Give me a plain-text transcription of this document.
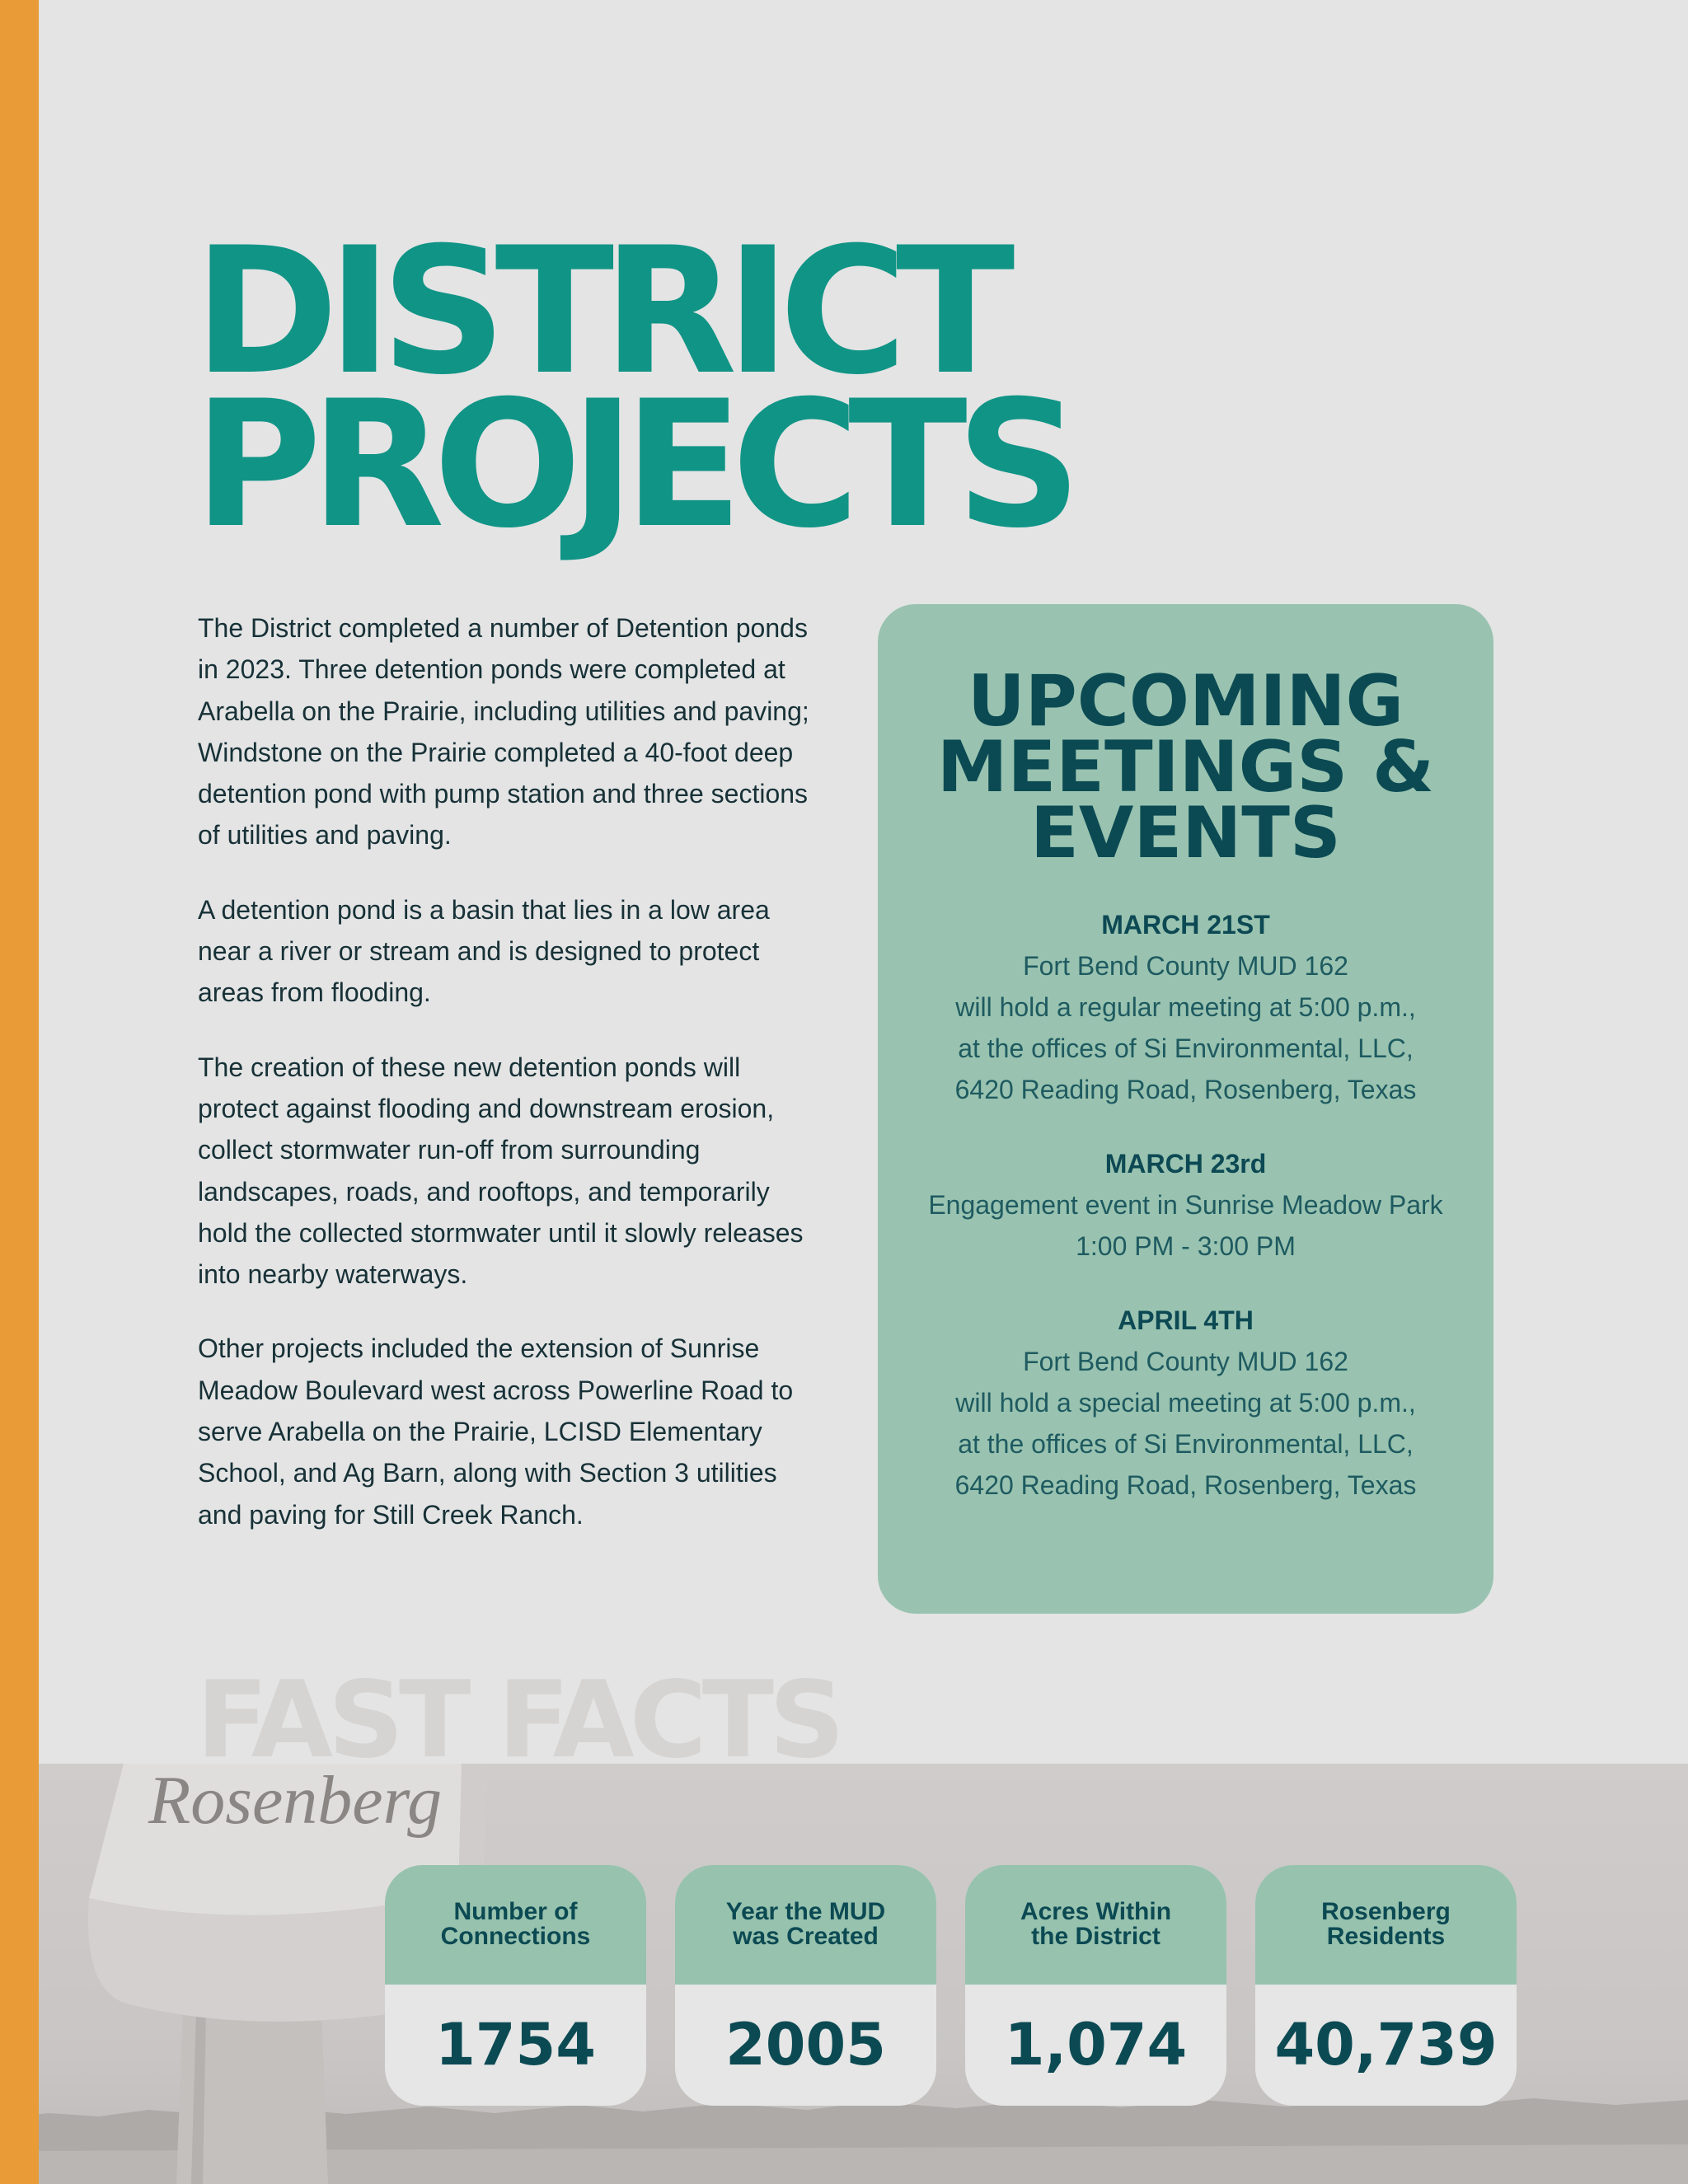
DISTRICT
PROJECTS

The District completed a number of Detention ponds in 2023. Three detention ponds were completed at Arabella on the Prairie, including utilities and paving; Windstone on the Prairie completed a 40-foot deep detention pond with pump station and three sections of utilities and paving.

A detention pond is a basin that lies in a low area near a river or stream and is designed to protect areas from flooding.

The creation of these new detention ponds will protect against flooding and downstream erosion, collect stormwater run-off from surrounding landscapes, roads, and rooftops, and temporarily hold the collected stormwater until it slowly releases into nearby waterways.

Other projects included the extension of Sunrise Meadow Boulevard west across Powerline Road to serve Arabella on the Prairie, LCISD Elementary School, and Ag Barn, along with Section 3 utilities and paving for Still Creek Ranch.

UPCOMING
MEETINGS &
EVENTS
MARCH 21ST
Fort Bend County MUD 162
will hold a regular meeting at 5:00 p.m.,
at the offices of Si Environmental, LLC,
6420 Reading Road, Rosenberg, Texas
MARCH 23rd
Engagement event in Sunrise Meadow Park
1:00 PM - 3:00 PM
APRIL 4TH
Fort Bend County MUD 162
will hold a special meeting at 5:00 p.m.,
at the offices of Si Environmental, LLC,
6420 Reading Road, Rosenberg, Texas
Rosenberg
FAST FACTS
Number of
Connections
1754
Year the MUD
was Created
2005
Acres Within
the District
1,074
Rosenberg
Residents
40,739
